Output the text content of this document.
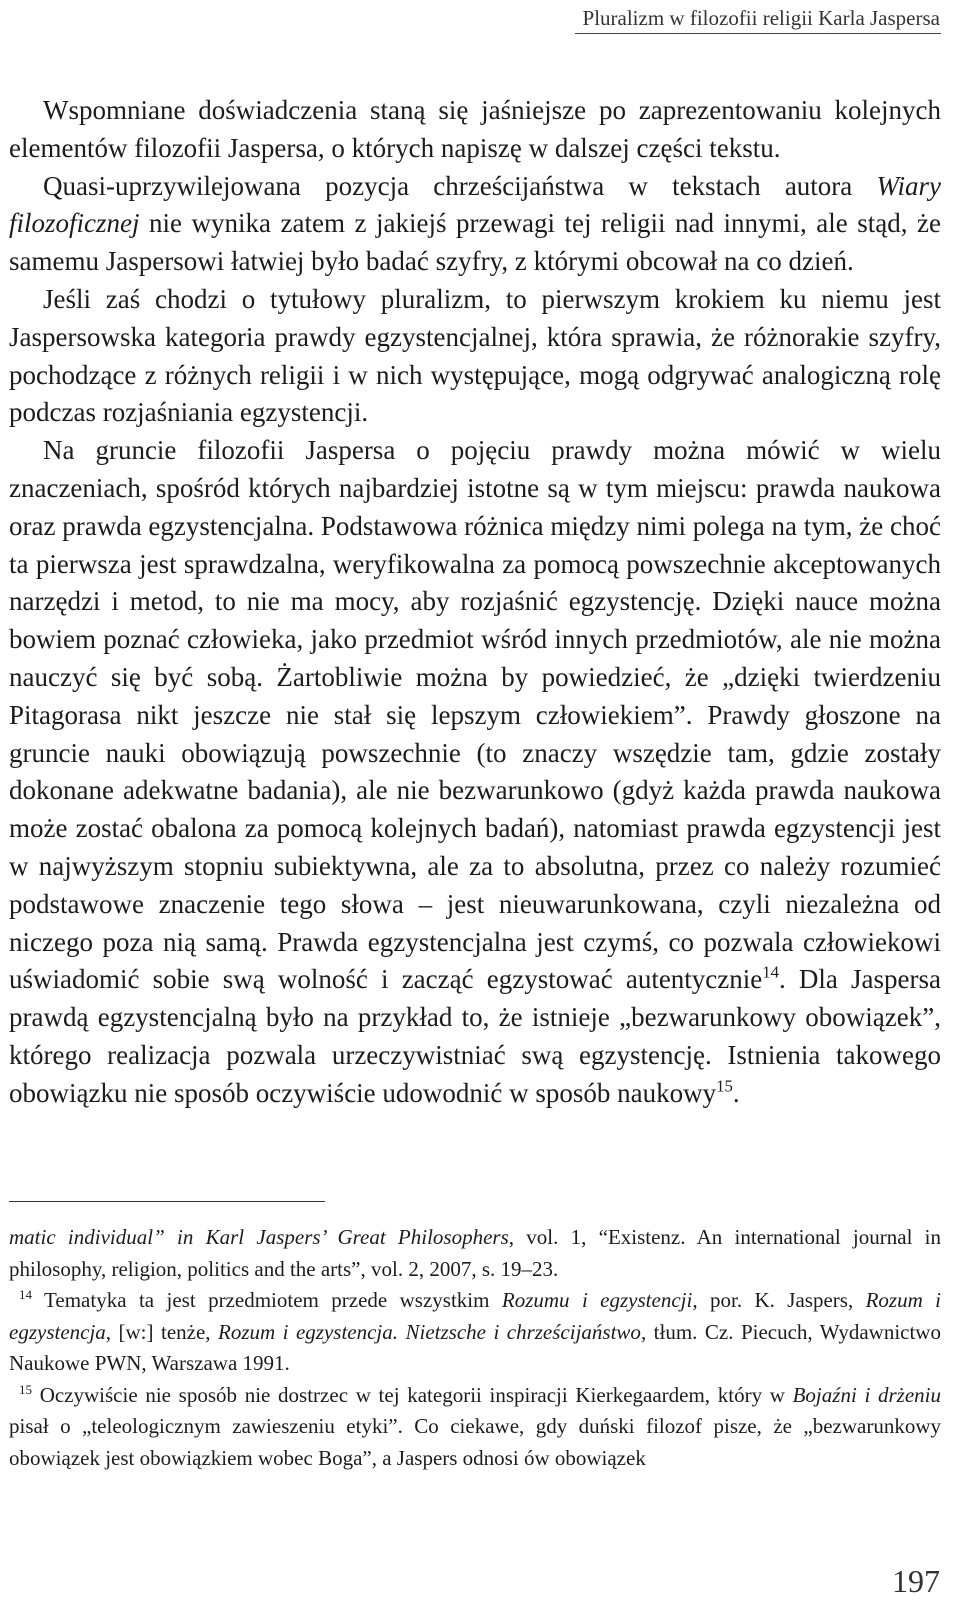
Pluralizm w filozofii religii Karla Jaspersa

Wspomniane doświadczenia staną się jaśniejsze po zaprezentowaniu kolejnych elementów filozofii Jaspersa, o których napiszę w dalszej części tekstu.

Quasi-uprzywilejowana pozycja chrześcijaństwa w tekstach autora Wiary filozoficznej nie wynika zatem z jakiejś przewagi tej religii nad innymi, ale stąd, że samemu Jaspersowi łatwiej było badać szyfry, z którymi obcował na co dzień.

Jeśli zaś chodzi o tytułowy pluralizm, to pierwszym krokiem ku niemu jest Jaspersowska kategoria prawdy egzystencjalnej, która sprawia, że różnorakie szyfry, pochodzące z różnych religii i w nich występujące, mogą odgrywać analogiczną rolę podczas rozjaśniania egzystencji.

Na gruncie filozofii Jaspersa o pojęciu prawdy można mówić w wielu znaczeniach, spośród których najbardziej istotne są w tym miejscu: prawda naukowa oraz prawda egzystencjalna. Podstawowa różnica między nimi polega na tym, że choć ta pierwsza jest sprawdzalna, weryfikowalna za pomocą powszechnie akceptowanych narzędzi i metod, to nie ma mocy, aby rozjaśnić egzystencję. Dzięki nauce można bowiem poznać człowieka, jako przedmiot wśród innych przedmiotów, ale nie można nauczyć się być sobą. Żartobliwie można by powiedzieć, że „dzięki twierdzeniu Pitagorasa nikt jeszcze nie stał się lepszym człowiekiem”. Prawdy głoszone na gruncie nauki obowiązują powszechnie (to znaczy wszędzie tam, gdzie zostały dokonane adekwatne badania), ale nie bezwarunkowo (gdyż każda prawda naukowa może zostać obalona za pomocą kolejnych badań), natomiast prawda egzystencji jest w najwyższym stopniu subiektywna, ale za to absolutna, przez co należy rozumieć podstawowe znaczenie tego słowa – jest nieuwarunkowana, czyli niezależna od niczego poza nią samą. Prawda egzystencjalna jest czymś, co pozwala człowiekowi uświadomić sobie swą wolność i zacząć egzystować autentycznie$^{14}$. Dla Jaspersa prawdą egzystencjalną było na przykład to, że istnieje „bezwarunkowy obowiązek”, którego realizacja pozwala urzeczywistniać swą egzystencję. Istnienia takowego obowiązku nie sposób oczywiście udowodnić w sposób naukowy$^{15}$.

matic individual” in Karl Jaspers’ Great Philosophers, vol. 1, “Existenz. An international journal in philosophy, religion, politics and the arts”, vol. 2, 2007, s. 19–23.

$^{14}$ Tematyka ta jest przedmiotem przede wszystkim Rozumu i egzystencji, por. K. Jaspers, Rozum i egzystencja, [w:] tenże, Rozum i egzystencja. Nietzsche i chrześcijaństwo, tłum. Cz. Piecuch, Wydawnictwo Naukowe PWN, Warszawa 1991.

$^{15}$ Oczywiście nie sposób nie dostrzec w tej kategorii inspiracji Kierkegaardem, który w Bojaźni i drżeniu pisał o „teleologicznym zawieszeniu etyki”. Co ciekawe, gdy duński filozof pisze, że „bezwarunkowy obowiązek jest obowiązkiem wobec Boga”, a Jaspers odnosi ów obowiązek

197
